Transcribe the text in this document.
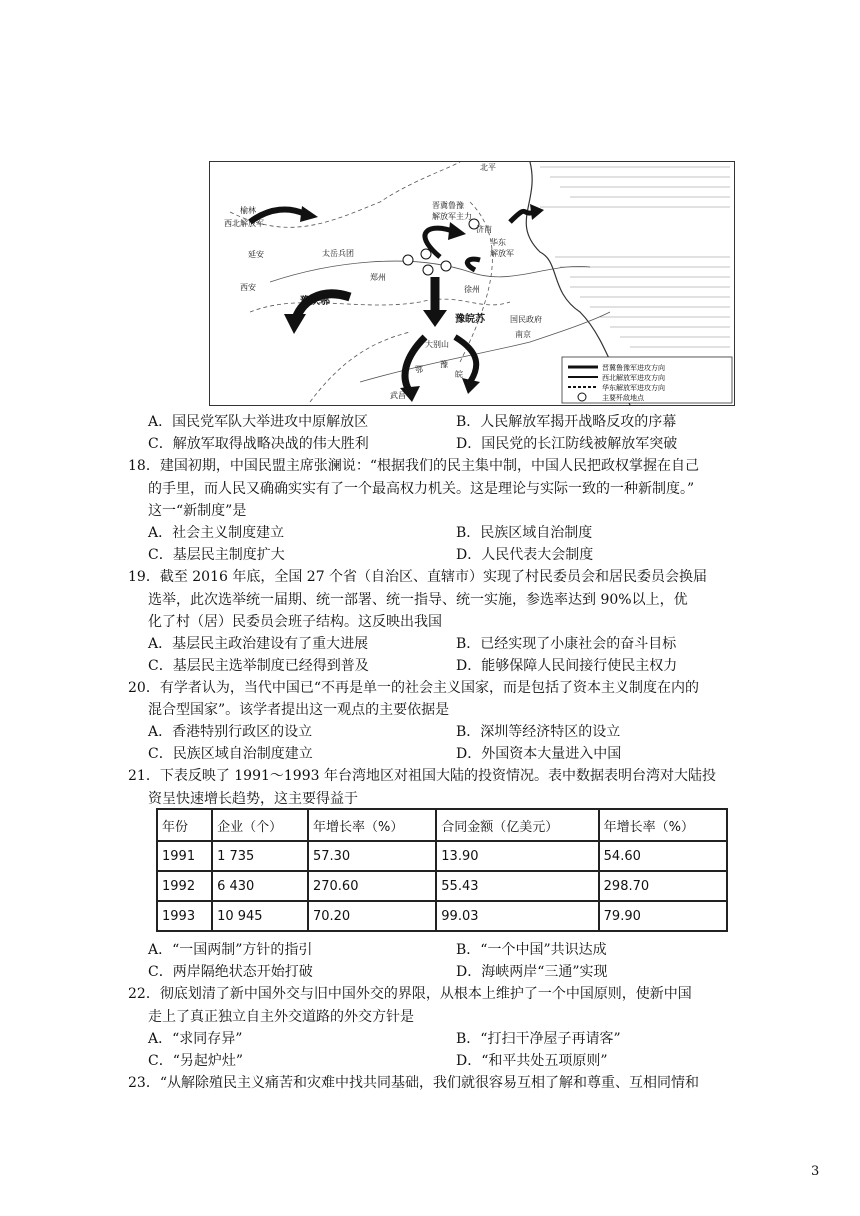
北平
榆林
西北解放军
延安
西安
太岳兵团
晋冀鲁豫
解放军主力
济南
华东
解放军
郑州
徐州
豫陕鄂
豫皖苏
大别山
鄂
豫
皖
武昌
南京
国民政府
晋冀鲁豫军进攻方向
西北解放军进攻方向
华东解放军进攻方向
主要歼敌地点
A．国民党军队大举进攻中原解放区	B．人民解放军揭开战略反攻的序幕
C．解放军取得战略决战的伟大胜利	D．国民党的长江防线被解放军突破
18．建国初期，中国民盟主席张澜说：“根据我们的民主集中制，中国人民把政权掌握在自己
的手里，而人民又确确实实有了一个最高权力机关。这是理论与实际一致的一种新制度。”
这一“新制度”是
A．社会主义制度建立	B．民族区域自治制度
C．基层民主制度扩大	D．人民代表大会制度
19．截至 2016 年底，全国 27 个省（自治区、直辖市）实现了村民委员会和居民委员会换届
选举，此次选举统一届期、统一部署、统一指导、统一实施，参选率达到 90%以上，优
化了村（居）民委员会班子结构。这反映出我国
A．基层民主政治建设有了重大进展	B．已经实现了小康社会的奋斗目标
C．基层民主选举制度已经得到普及	D．能够保障人民间接行使民主权力
20．有学者认为，当代中国已“不再是单一的社会主义国家，而是包括了资本主义制度在内的
混合型国家”。该学者提出这一观点的主要依据是
A．香港特别行政区的设立	B．深圳等经济特区的设立
C．民族区域自治制度建立	D．外国资本大量进入中国
21．下表反映了 1991～1993 年台湾地区对祖国大陆的投资情况。表中数据表明台湾对大陆投
资呈快速增长趋势，这主要得益于
年份	企业（个）	年增长率（%）	合同金额（亿美元）	年增长率（%）
1991	1 735	57.30	13.90	54.60
1992	6 430	270.60	55.43	298.70
1993	10 945	70.20	99.03	79.90
A．“一国两制”方针的指引	B．“一个中国”共识达成
C．两岸隔绝状态开始打破	D．海峡两岸“三通”实现
22．彻底划清了新中国外交与旧中国外交的界限，从根本上维护了一个中国原则，使新中国
走上了真正独立自主外交道路的外交方针是
A．“求同存异”	B．“打扫干净屋子再请客”
C．“另起炉灶”	D．“和平共处五项原则”
23．“从解除殖民主义痛苦和灾难中找共同基础，我们就很容易互相了解和尊重、互相同情和
3
